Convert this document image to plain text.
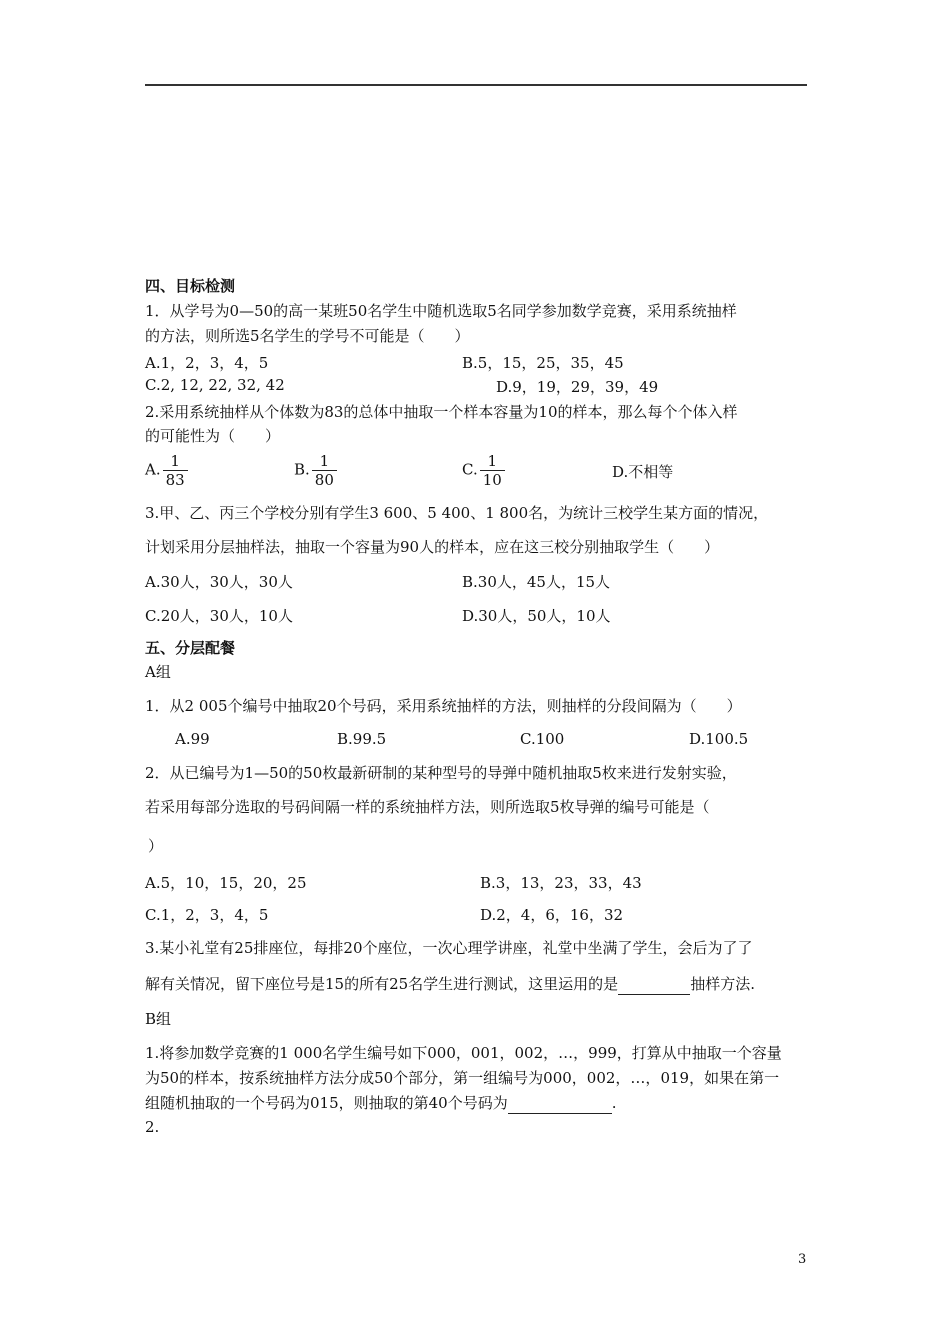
四、目标检测
1．从学号为0—50的高一某班50名学生中随机选取5名同学参加数学竞赛，采用系统抽样
的方法，则所选5名学生的学号不可能是（　　）
A.1，2，3，4，5	B.5，15，25，35，45
C.2, 12, 22, 32, 42	D.9，19，29，39，49
2.采用系统抽样从个体数为83的总体中抽取一个样本容量为10的样本，那么每个个体入样
的可能性为（　　）
A. $\frac{1}{83}$	B. $\frac{1}{80}$	C. $\frac{1}{10}$	D.不相等
3.甲、乙、丙三个学校分别有学生3 600、5 400、1 800名，为统计三校学生某方面的情况，
计划采用分层抽样法，抽取一个容量为90人的样本，应在这三校分别抽取学生（　　）
A.30人，30人，30人	B.30人，45人，15人
C.20人，30人，10人	D.30人，50人，10人
五、分层配餐
A组
1．从2 005个编号中抽取20个号码，采用系统抽样的方法，则抽样的分段间隔为（　　）
A.99	B.99.5	C.100	D.100.5
2．从已编号为1—50的50枚最新研制的某种型号的导弹中随机抽取5枚来进行发射实验，
若采用每部分选取的号码间隔一样的系统抽样方法，则所选取5枚导弹的编号可能是（
）
A.5，10，15，20，25	B.3，13，23，33，43
C.1，2，3，4，5	D.2，4，6，16，32
3.某小礼堂有25排座位，每排20个座位，一次心理学讲座，礼堂中坐满了学生，会后为了了
解有关情况，留下座位号是15的所有25名学生进行测试，这里运用的是	抽样方法.
B组
1.将参加数学竞赛的1 000名学生编号如下000，001，002，…，999，打算从中抽取一个容量
为50的样本，按系统抽样方法分成50个部分，第一组编号为000，002，…，019，如果在第一
组随机抽取的一个号码为015，则抽取的第40个号码为	.
2.
3
